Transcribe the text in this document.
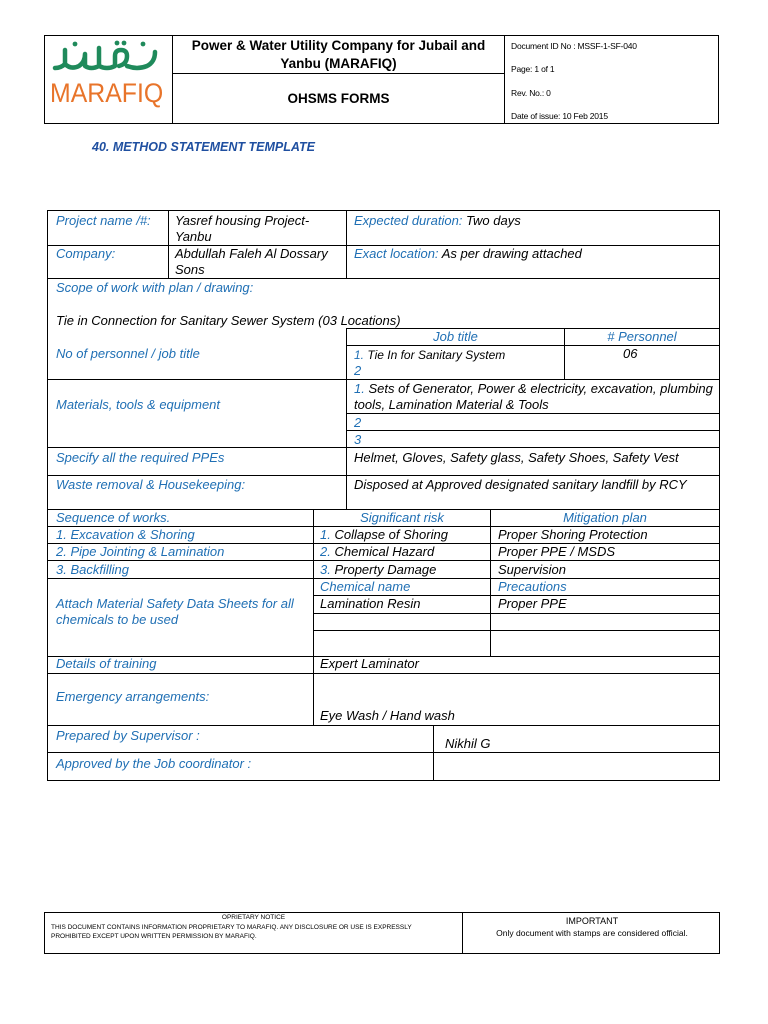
مرافق
MARAFIQ
Power & Water Utility Company for Jubail and Yanbu (MARAFIQ)
OHSMS FORMS
Document ID No : MSSF-1-SF-040
Page: 1 of 1
Rev. No.: 0
Date of issue: 10 Feb 2015
40. METHOD STATEMENT TEMPLATE
Project name /#:	Yasref housing Project- Yanbu
Expected duration: Two days
Company:	Abdullah Faleh Al Dossary Sons
Exact location: As per drawing attached
Scope of work with plan / drawing:
Tie in Connection for Sanitary Sewer System (03 Locations)
Job title	# Personnel
No of personnel / job title	1. Tie In for Sanitary System	06
2
Materials, tools & equipment
1. Sets of Generator, Power & electricity, excavation, plumbing tools, Lamination Material & Tools
2
3
Specify all the required PPEs	Helmet, Gloves, Safety glass, Safety Shoes, Safety Vest
Waste removal & Housekeeping:	Disposed at Approved designated sanitary landfill by RCY
Sequence of works.	Significant risk	Mitigation plan
1. Excavation & Shoring	1. Collapse of Shoring	Proper Shoring Protection
2. Pipe Jointing & Lamination	2. Chemical Hazard	Proper PPE / MSDS
3. Backfilling	3. Property Damage	Supervision
Chemical name	Precautions
Attach Material Safety Data Sheets for all chemicals to be used
Lamination Resin	Proper PPE
Details of training	Expert Laminator
Emergency arrangements:
Eye Wash / Hand wash
Prepared by Supervisor :
Nikhil G
Approved by the Job coordinator :
OPRIETARY NOTICE
THIS DOCUMENT CONTAINS INFORMATION PROPRIETARY TO MARAFIQ. ANY DISCLOSURE OR USE IS EXPRESSLY PROHIBITED EXCEPT UPON WRITTEN PERMISSION BY MARAFIQ.
IMPORTANT
Only document with stamps are considered official.
